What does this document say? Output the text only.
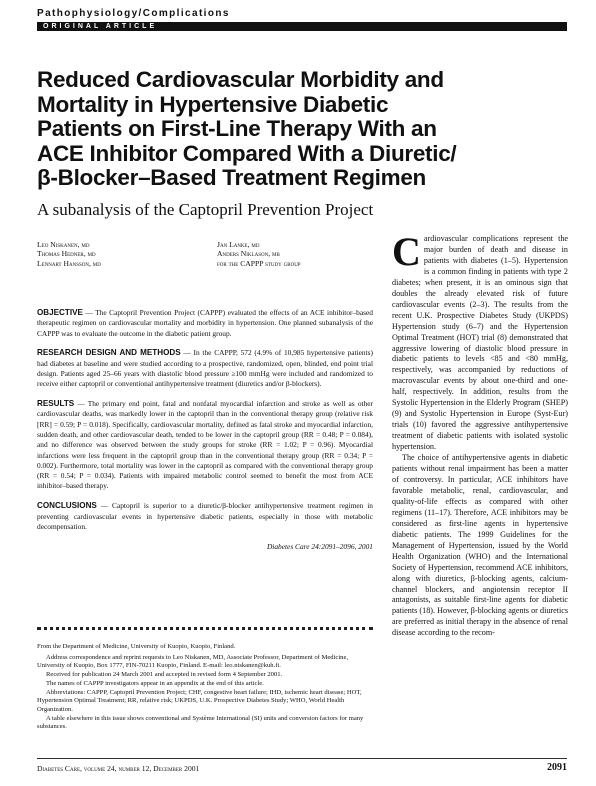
Pathophysiology/Complications
ORIGINAL ARTICLE
Reduced Cardiovascular Morbidity and
Mortality in Hypertensive Diabetic
Patients on First-Line Therapy With an
ACE Inhibitor Compared With a Diuretic/
β-Blocker–Based Treatment Regimen
A subanalysis of the Captopril Prevention Project
Leo Niskanen, md
Thomas Hedner, md
Lennart Hansson, md
Jan Lanke, md
Anders Niklason, mb
for the CAPPP study group

OBJECTIVE — The Captopril Prevention Project (CAPPP) evaluated the effects of an ACE inhibitor–based therapeutic regimen on cardiovascular mortality and morbidity in hypertension. One planned subanalysis of the CAPPP was to evaluate the outcome in the diabetic patient group.

RESEARCH DESIGN AND METHODS — In the CAPPP, 572 (4.9% of 10,985 hypertensive patients) had diabetes at baseline and were studied according to a prospective, randomized, open, blinded, end point trial design. Patients aged 25–66 years with diastolic blood pressure ≥100 mmHg were included and randomized to receive either captopril or conventional antihypertensive treatment (diuretics and/or β-blockers).

RESULTS — The primary end point, fatal and nonfatal myocardial infarction and stroke as well as other cardiovascular deaths, was markedly lower in the captopril than in the conventional therapy group (relative risk [RR] = 0.59; P = 0.018). Specifically, cardiovascular mortality, defined as fatal stroke and myocardial infarction, sudden death, and other cardiovascular death, tended to be lower in the captopril group (RR = 0.48; P = 0.084), and no difference was observed between the study groups for stroke (RR = 1.02; P = 0.96). Myocardial infarctions were less frequent in the captopril group than in the conventional therapy group (RR = 0.34; P = 0.002). Furthermore, total mortality was lower in the captopril as compared with the conventional therapy group (RR = 0.54; P = 0.034). Patients with impaired metabolic control seemed to benefit the most from ACE inhibitor–based therapy.

CONCLUSIONS — Captopril is superior to a diuretic/β-blocker antihypertensive treatment regimen in preventing cardiovascular events in hypertensive diabetic patients, especially in those with metabolic decompensation.

Diabetes Care 24:2091–2096, 2001

From the Department of Medicine, University of Kuopio, Kuopio, Finland.

Address correspondence and reprint requests to Leo Niskanen, MD, Associate Professor, Department of Medicine, University of Kuopio, Box 1777, FIN-70211 Kuopio, Finland. E-mail: leo.niskanen@kuh.fi.

Received for publication 24 March 2001 and accepted in revised form 4 September 2001.

The names of CAPPP investigators appear in an appendix at the end of this article.

Abbreviations: CAPPP, Captopril Prevention Project; CHF, congestive heart failure; IHD, ischemic heart disease; HOT, Hypertension Optimal Treatment; RR, relative risk; UKPDS, U.K. Prospective Diabetes Study; WHO, World Health Organization.

A table elsewhere in this issue shows conventional and Système International (SI) units and conversion factors for many substances.

Cardiovascular complications represent the major burden of death and disease in patients with diabetes (1–5). Hypertension is a common finding in patients with type 2 diabetes; when present, it is an ominous sign that doubles the already elevated risk of future cardiovascular events (2–3). The results from the recent U.K. Prospective Diabetes Study (UKPDS) Hypertension study (6–7) and the Hypertension Optimal Treatment (HOT) trial (8) demonstrated that aggressive lowering of diastolic blood pressure in diabetic patients to levels <85 and <80 mmHg, respectively, was accompanied by reductions of macrovascular events by about one-third and one-half, respectively. In addition, results from the Systolic Hypertension in the Elderly Program (SHEP) (9) and Systolic Hypertension in Europe (Syst-Eur) trials (10) favored the aggressive antihypertensive treatment of diabetic patients with isolated systolic hypertension.

The choice of antihypertensive agents in diabetic patients without renal impairment has been a matter of controversy. In particular, ACE inhibitors have favorable metabolic, renal, cardiovascular, and quality-of-life effects as compared with other regimens (11–17). Therefore, ACE inhibitors may be considered as first-line agents in hypertensive diabetic patients. The 1999 Guidelines for the Management of Hypertension, issued by the World Health Organization (WHO) and the International Society of Hypertension, recommend ACE inhibitors, along with diuretics, β-blocking agents, calcium-channel blockers, and angiotensin receptor II antagonists, as suitable first-line agents for diabetic patients (18). However, β-blocking agents or diuretics are preferred as initial therapy in the absence of renal disease according to the recom-

Diabetes Care, volume 24, number 12, December 2001	2091
